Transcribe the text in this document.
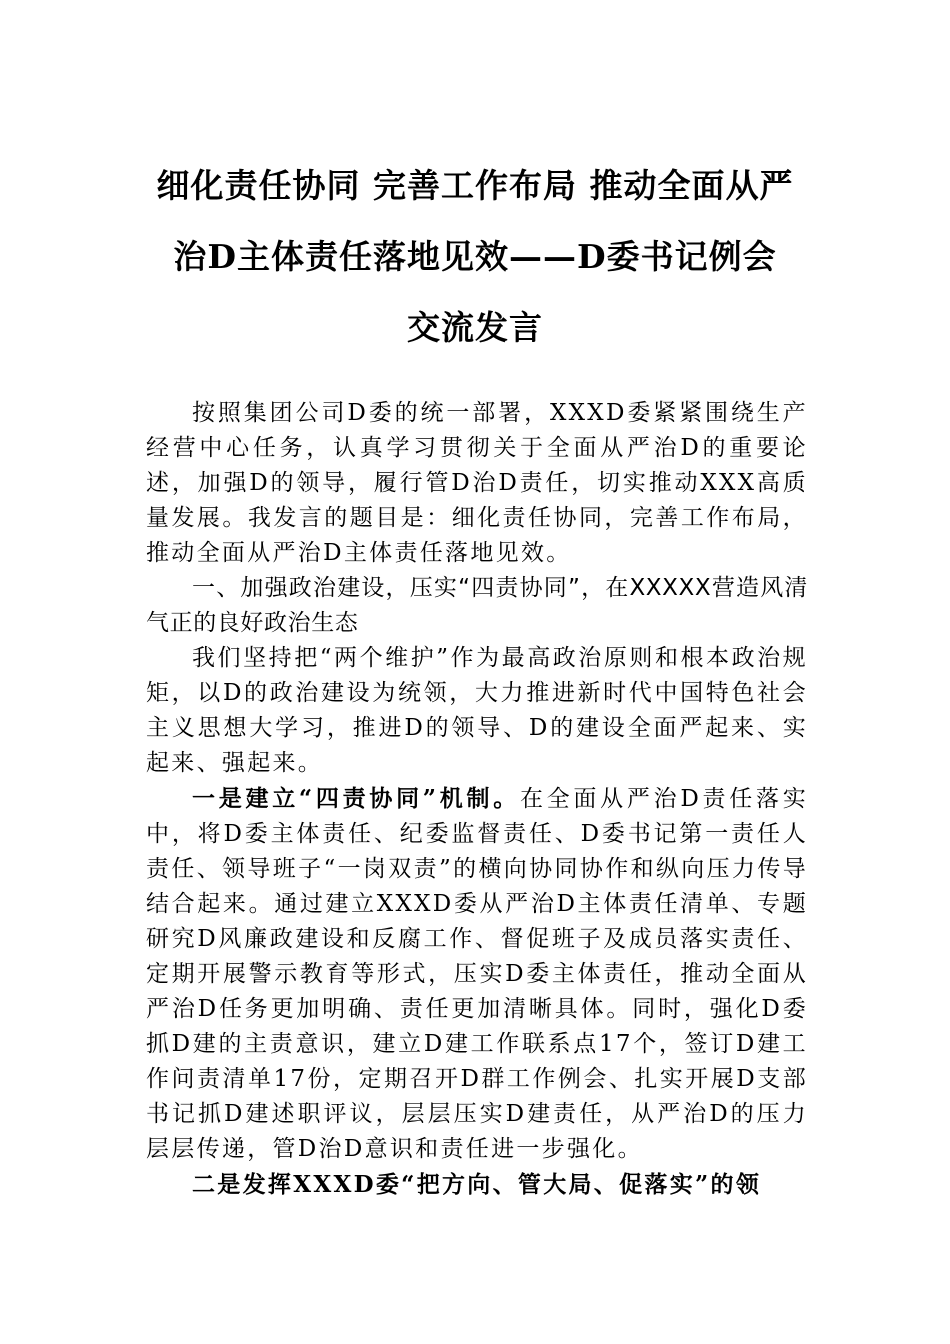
细化责任协同 完善工作布局 推动全面从严
治D主体责任落地见效——D委书记例会
交流发言

按照集团公司D委的统一部署，XXXD委紧紧围绕生产经营中心任务，认真学习贯彻关于全面从严治D的重要论述，加强D的领导，履行管D治D责任，切实推动XXX高质量发展。我发言的题目是：细化责任协同，完善工作布局，推动全面从严治D主体责任落地见效。

一、加强政治建设，压实“四责协同”，在XXXXX营造风清气正的良好政治生态

我们坚持把“两个维护”作为最高政治原则和根本政治规矩，以D的政治建设为统领，大力推进新时代中国特色社会主义思想大学习，推进D的领导、D的建设全面严起来、实起来、强起来。

一是建立“四责协同”机制。在全面从严治D责任落实中，将D委主体责任、纪委监督责任、D委书记第一责任人责任、领导班子“一岗双责”的横向协同协作和纵向压力传导结合起来。通过建立XXXD委从严治D主体责任清单、专题研究D风廉政建设和反腐工作、督促班子及成员落实责任、定期开展警示教育等形式，压实D委主体责任，推动全面从严治D任务更加明确、责任更加清晰具体。同时，强化D委抓D建的主责意识，建立D建工作联系点17个，签订D建工作问责清单17份，定期召开D群工作例会、扎实开展D支部书记抓D建述职评议，层层压实D建责任，从严治D的压力层层传递，管D治D意识和责任进一步强化。

二是发挥XXXD委“把方向、管大局、促落实”的领
